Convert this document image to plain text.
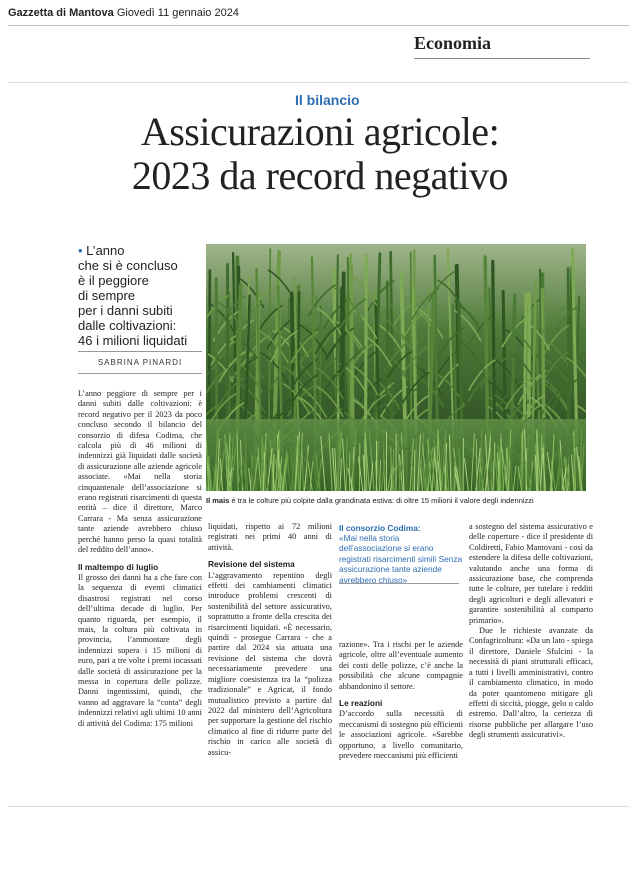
Gazzetta di Mantova Giovedì 11 gennaio 2024
Economia
Il bilancio
Assicurazioni agricole:
2023 da record negativo
• L’anno
che si è concluso
è il peggiore
di sempre
per i danni subiti
dalle coltivazioni:
46 i milioni liquidati
SABRINA PINARDI
Il mais è tra le colture più colpite dalla grandinata estiva: di oltre 15 milioni il valore degli indennizzi

L’anno peggiore di sempre per i danni subiti dalle coltivazioni: è record negativo per il 2023 da poco concluso secondo il bilancio del consorzio di difesa Codima, che calcola più di 46 milioni di indennizzi già liquidati dalle società di assicurazione alle aziende agricole associate. «Mai nella storia cinquantenale dell’associazione si erano registrati risarcimenti di questa entità – dice il direttore, Marco Carrara - Ma senza assicurazione tante aziende avrebbero chiuso perché hanno perso la quasi totalità del reddito dell’anno».

Il maltempo di luglio

Il grosso dei danni ha a che fare con la sequenza di eventi climatici disastrosi registrati nel corso dell’ultima decade di luglio. Per quanto riguarda, per esempio, il mais, la coltura più coltivata in provincia, l’ammontare degli indennizzi supera i 15 milioni di euro, pari a tre volte i premi incassati dalle società di assicurazione per la messa in copertura delle polizze. Danni ingentissimi, quindi, che vanno ad aggravare la “conta” degli indennizzi relativi agli ultimi 10 anni di attività del Codima: 175 milioni

liquidati, rispetto ai 72 milioni registrati nei primi 40 anni di attività.

Revisione del sistema

L’aggravamento repentino degli effetti dei cambiamenti climatici introduce problemi crescenti di sostenibilità del settore assicurativo, soprattutto a fronte della crescita dei risarcimenti liquidati. «È necessario, quindi - prosegue Carrara - che a partire dal 2024 sia attuata una revisione del sistema che dovrà necessariamente prevedere una migliore coesistenza tra la “polizza tradizionale” e Agricat, il fondo mutualistico previsto a partire dal 2022 dal ministero dell’Agricoltura per supportare la gestione del rischio climatico al fine di ridurre parte del rischio in carico alle società di assicu-

Il consorzio Codima:
«Mai nella storia dell’associazione si erano registrati risarcimenti simili Senza assicurazione tante aziende avrebbero chiuso»

razione». Tra i rischi per le aziende agricole, oltre all’eventuale aumento dei costi delle polizze, c’è anche la possibilità che alcune compagnie abbandonino il settore.

Le reazioni

D’accordo sulla necessità di meccanismi di sostegno più efficienti le associazioni agricole. «Sarebbe opportuno, a livello comunitario, prevedere meccanismi più efficienti

a sostegno del sistema assicurativo e delle coperture - dice il presidente di Coldiretti, Fabio Mantovani - così da estendere la difesa delle coltivazioni, valutando anche una forma di assicurazione base, che comprenda tutte le colture, per tutelare i redditi degli agricoltori e degli allevatori e garantire sostenibilità al comparto primario».

Due le richieste avanzate da Confagricoltura: «Da un lato - spiega il direttore, Daniele Sfulcini - la necessità di piani strutturali efficaci, a tutti i livelli amministrativi, contro il cambiamento climatico, in modo da poter quantomeno mitigare gli effetti di siccità, piogge, gelo o caldo estremo. Dall’altro, la certezza di risorse pubbliche per allargare l’uso degli strumenti assicurativi».
